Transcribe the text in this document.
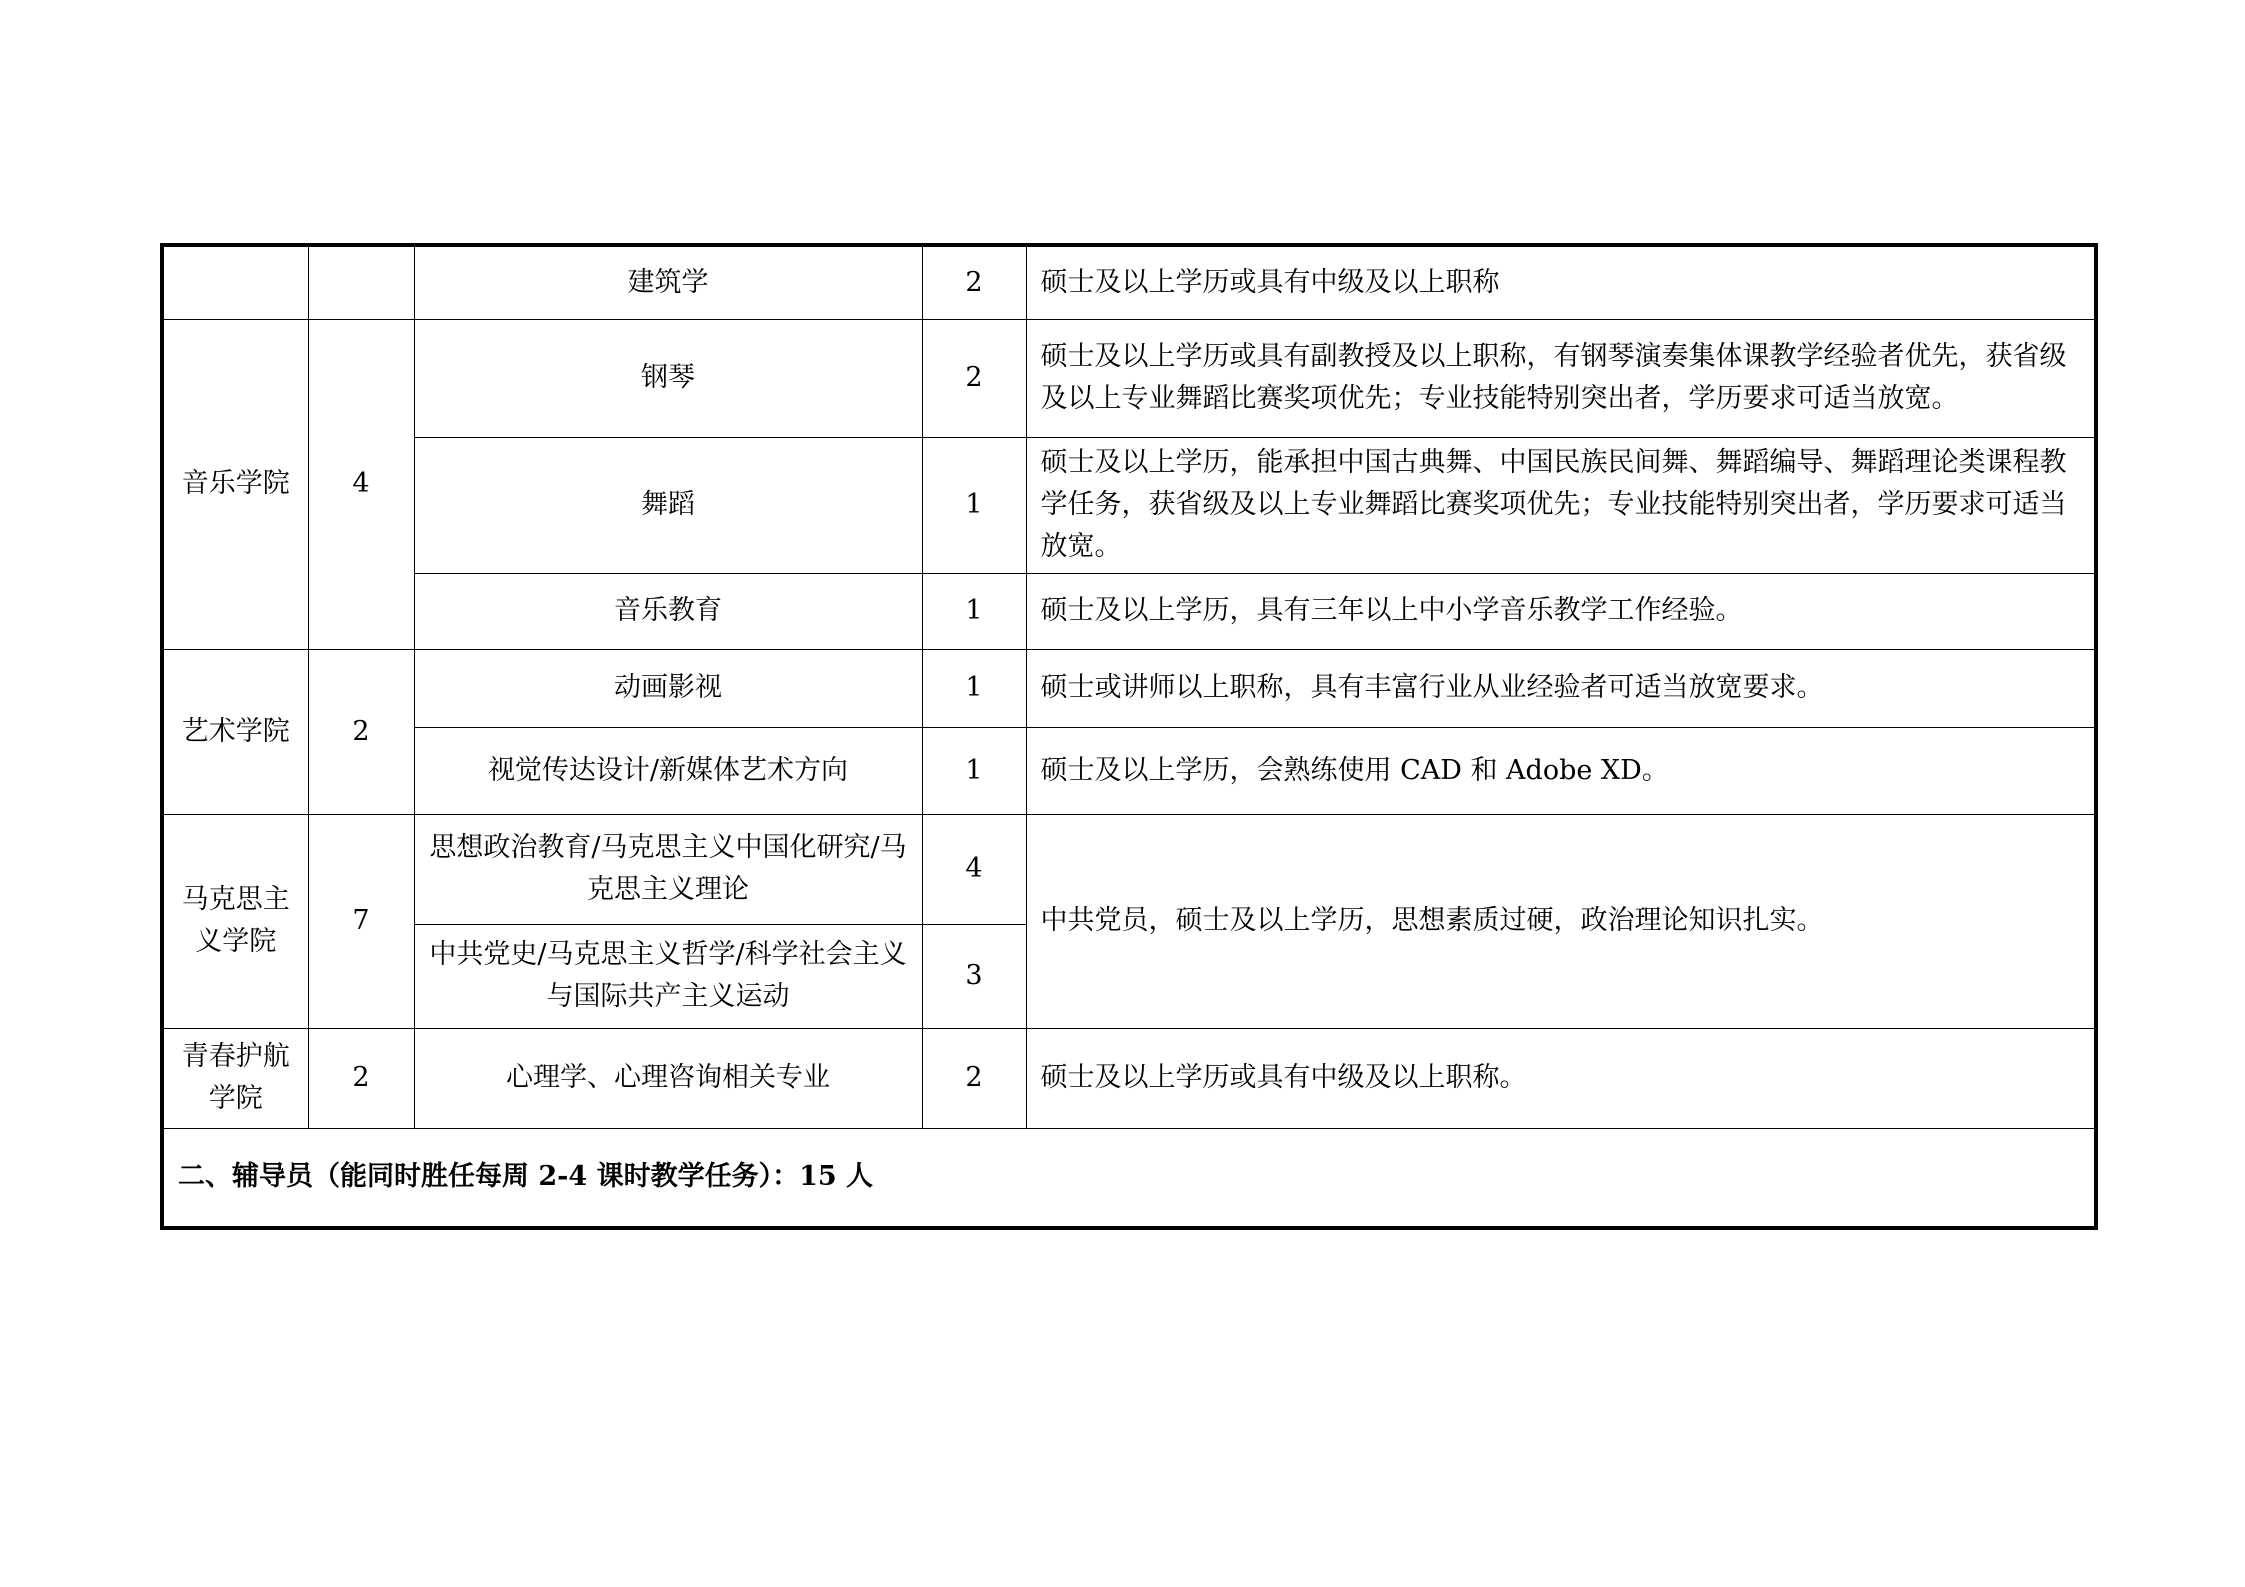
		建筑学	2	硕士及以上学历或具有中级及以上职称
音乐学院	4	钢琴	2	硕士及以上学历或具有副教授及以上职称，有钢琴演奏集体课教学经验者优先，获省级及以上专业舞蹈比赛奖项优先；专业技能特别突出者，学历要求可适当放宽。
		舞蹈	1	硕士及以上学历，能承担中国古典舞、中国民族民间舞、舞蹈编导、舞蹈理论类课程教学任务，获省级及以上专业舞蹈比赛奖项优先；专业技能特别突出者，学历要求可适当放宽。
		音乐教育	1	硕士及以上学历，具有三年以上中小学音乐教学工作经验。
艺术学院	2	动画影视	1	硕士或讲师以上职称，具有丰富行业从业经验者可适当放宽要求。
		视觉传达设计/新媒体艺术方向	1	硕士及以上学历，会熟练使用 CAD 和 Adobe XD。
马克思主义学院	7	思想政治教育/马克思主义中国化研究/马克思主义理论	4	中共党员，硕士及以上学历，思想素质过硬，政治理论知识扎实。
		中共党史/马克思主义哲学/科学社会主义与国际共产主义运动	3	
青春护航学院	2	心理学、心理咨询相关专业	2	硕士及以上学历或具有中级及以上职称。
二、辅导员（能同时胜任每周 2-4 课时教学任务）：15 人				
